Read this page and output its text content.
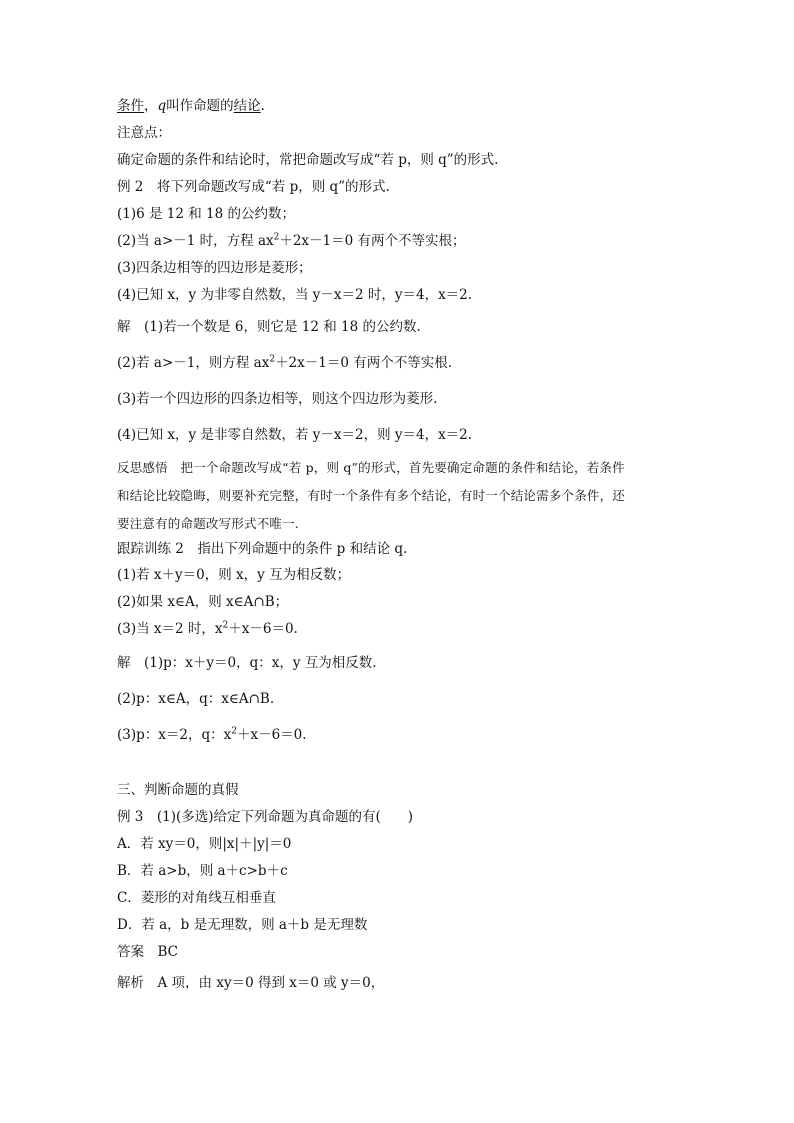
条件，q叫作命题的结论.
注意点：
确定命题的条件和结论时，常把命题改写成“若 p，则 q”的形式.
例 2　将下列命题改写成“若 p，则 q”的形式.
(1)6 是 12 和 18 的公约数；
(2)当 a>－1 时，方程 $ax^2+2x-1=0$ 有两个不等实根；
(3)四条边相等的四边形是菱形；
(4)已知 x，y 为非零自然数，当 y－x＝2 时，y＝4，x＝2.
解　(1)若一个数是 6，则它是 12 和 18 的公约数.
(2)若 a>－1，则方程 $ax^2+2x-1=0$ 有两个不等实根.
(3)若一个四边形的四条边相等，则这个四边形为菱形.
(4)已知 x，y 是非零自然数，若 y－x＝2，则 y＝4，x＝2.
反思感悟　把一个命题改写成“若 p，则 q”的形式，首先要确定命题的条件和结论，若条件
和结论比较隐晦，则要补充完整，有时一个条件有多个结论，有时一个结论需多个条件，还
要注意有的命题改写形式不唯一.
跟踪训练 2　指出下列命题中的条件 p 和结论 q.
(1)若 x＋y＝0，则 x，y 互为相反数；
(2)如果 x∈A，则 x∈A∩B；
(3)当 x＝2 时，$x^2+x-6=0$.
解　(1)p：x＋y＝0，q：x，y 互为相反数.
(2)p：x∈A，q：x∈A∩B.
(3)p：x＝2，q：$x^2+x-6=0$.
三、判断命题的真假
例 3　(1)(多选)给定下列命题为真命题的有(　　)
A．若 xy＝0，则|x|＋|y|＝0
B．若 a>b，则 a＋c>b＋c
C．菱形的对角线互相垂直
D．若 a，b 是无理数，则 a＋b 是无理数
答案　BC
解析　A 项，由 xy＝0 得到 x＝0 或 y＝0，
